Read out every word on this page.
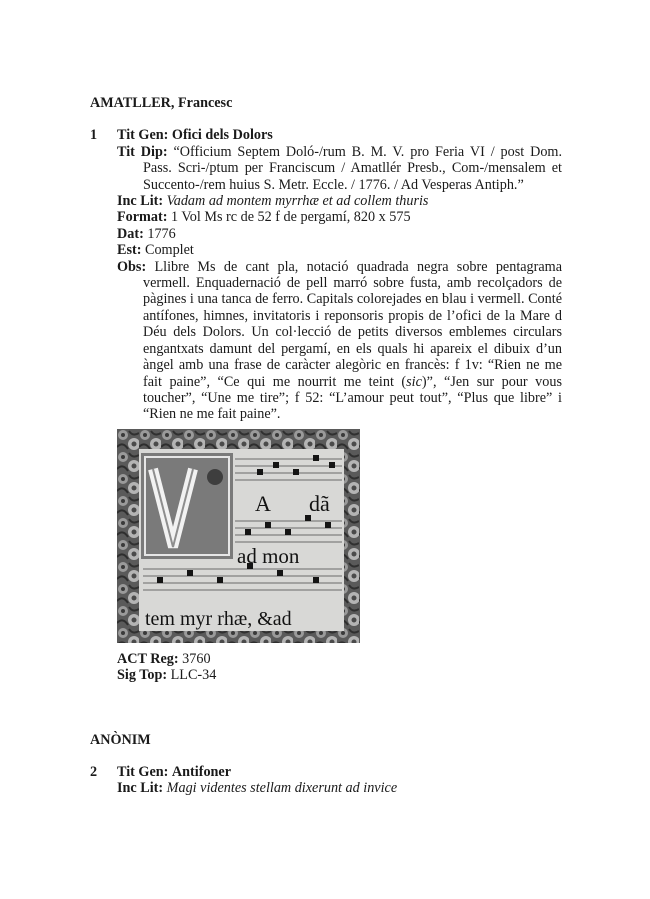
AMATLLER, Francesc

1 Tit Gen: Ofici dels Dolors

Tit Dip: “Officium Septem Doló-/rum B. M. V. pro Feria VI / post Dom. Pass. Scri-/ptum per Franciscum / Amatllér Presb., Com-/mensalem et Succento-/rem huius S. Metr. Eccle. / 1776. / Ad Vesperas Antiph.”

Inc Lit: Vadam ad montem myrrhæ et ad collem thuris

Format: 1 Vol Ms rc de 52 f de pergamí, 820 x 575

Dat: 1776

Est: Complet

Obs: Llibre Ms de cant pla, notació quadrada negra sobre pentagrama vermell. Enquadernació de pell marró sobre fusta, amb recolçadors de pàgines i una tanca de ferro. Capitals colorejades en blau i vermell. Conté antífones, himnes, invitatoris i reponsoris propis de l’ofici de la Mare d Déu dels Dolors. Un col·lecció de petits diversos emblemes circulars engantxats damunt del pergamí, en els quals hi apareix el dibuix d’un àngel amb una frase de caràcter alegòric en francès: f 1v: “Rien ne me fait paine”, “Ce qui me nourrit me teint (sic)”, “Jen sur pour vous toucher”, “Une me tire”; f 52: “L’amour peut tout”, “Plus que libre” i “Rien ne me fait paine”.

A dã
ad mon
tem myr rhæ, &ad

ACT Reg: 3760

Sig Top: LLC-34

ANÒNIM

2 Tit Gen: Antifoner

Inc Lit: Magi videntes stellam dixerunt ad invice
